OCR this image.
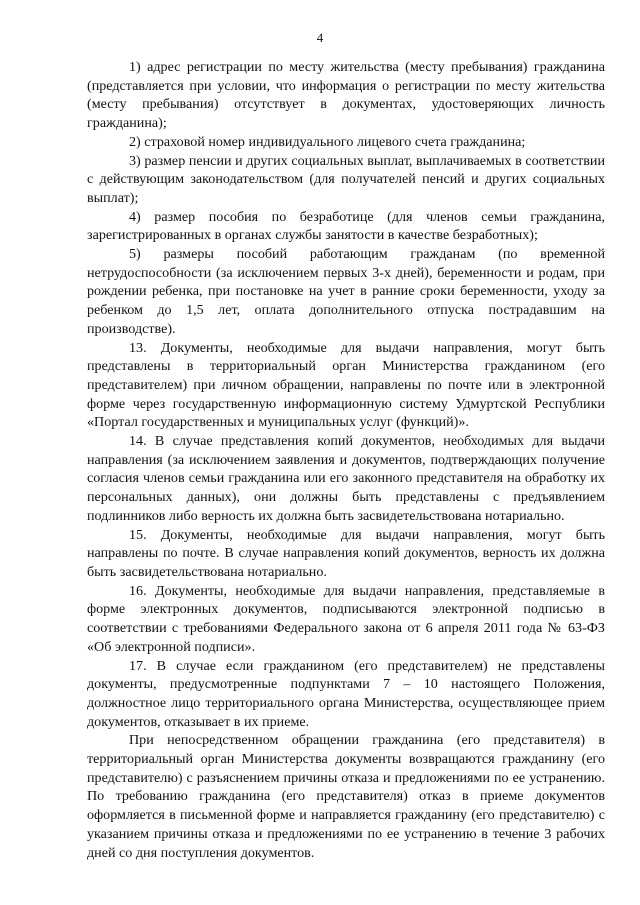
4

1) адрес регистрации по месту жительства (месту пребывания) гражданина (представляется при условии, что информация о регистрации по месту жительства (месту пребывания) отсутствует в документах, удостоверяющих личность гражданина);

2) страховой номер индивидуального лицевого счета гражданина;

3) размер пенсии и других социальных выплат, выплачиваемых в соответствии с действующим законодательством (для получателей пенсий и других социальных выплат);

4) размер пособия по безработице (для членов семьи гражданина, зарегистрированных в органах службы занятости в качестве безработных);

5) размеры пособий работающим гражданам (по временной нетрудоспособности (за исключением первых 3-х дней), беременности и родам, при рождении ребенка, при постановке на учет в ранние сроки беременности, уходу за ребенком до 1,5 лет, оплата дополнительного отпуска пострадавшим на производстве).

13. Документы, необходимые для выдачи направления, могут быть представлены в территориальный орган Министерства гражданином (его представителем) при личном обращении, направлены по почте или в электронной форме через государственную информационную систему Удмуртской Республики «Портал государственных и муниципальных услуг (функций)».

14. В случае представления копий документов, необходимых для выдачи направления (за исключением заявления и документов, подтверждающих получение согласия членов семьи гражданина или его законного представителя на обработку их персональных данных), они должны быть представлены с предъявлением подлинников либо верность их должна быть засвидетельствована нотариально.

15. Документы, необходимые для выдачи направления, могут быть направлены по почте. В случае направления копий документов, верность их должна быть засвидетельствована нотариально.

16. Документы, необходимые для выдачи направления, представляемые в форме электронных документов, подписываются электронной подписью в соответствии с требованиями Федерального закона от 6 апреля 2011 года № 63-ФЗ «Об электронной подписи».

17. В случае если гражданином (его представителем) не представлены документы, предусмотренные подпунктами 7 – 10 настоящего Положения, должностное лицо территориального органа Министерства, осуществляющее прием документов, отказывает в их приеме.

При непосредственном обращении гражданина (его представителя) в территориальный орган Министерства документы возвращаются гражданину (его представителю) с разъяснением причины отказа и предложениями по ее устранению. По требованию гражданина (его представителя) отказ в приеме документов оформляется в письменной форме и направляется гражданину (его представителю) с указанием причины отказа и предложениями по ее устранению в течение 3 рабочих дней со дня поступления документов.
